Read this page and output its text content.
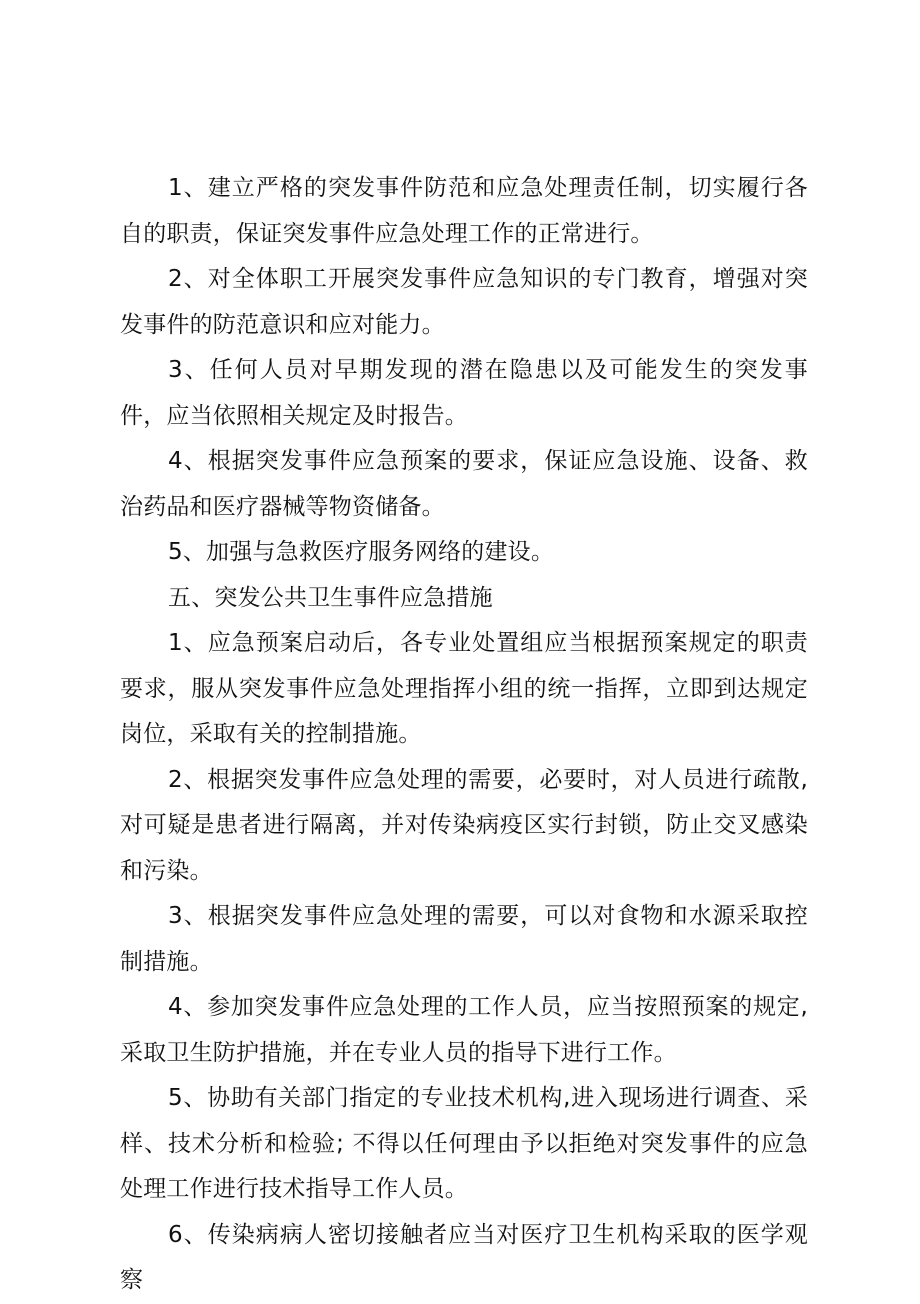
1、建立严格的突发事件防范和应急处理责任制，切实履行各自的职责，保证突发事件应急处理工作的正常进行。

2、对全体职工开展突发事件应急知识的专门教育，增强对突发事件的防范意识和应对能力。

3、任何人员对早期发现的潜在隐患以及可能发生的突发事件，应当依照相关规定及时报告。

4、根据突发事件应急预案的要求，保证应急设施、设备、救治药品和医疗器械等物资储备。

5、加强与急救医疗服务网络的建设。

五、突发公共卫生事件应急措施

1、应急预案启动后，各专业处置组应当根据预案规定的职责要求，服从突发事件应急处理指挥小组的统一指挥，立即到达规定岗位，采取有关的控制措施。

2、根据突发事件应急处理的需要，必要时，对人员进行疏散,对可疑是患者进行隔离，并对传染病疫区实行封锁，防止交叉感染和污染。

3、根据突发事件应急处理的需要，可以对食物和水源采取控制措施。

4、参加突发事件应急处理的工作人员，应当按照预案的规定,采取卫生防护措施，并在专业人员的指导下进行工作。

5、协助有关部门指定的专业技术机构,进入现场进行调查、采样、技术分析和检验; 不得以任何理由予以拒绝对突发事件的应急处理工作进行技术指导工作人员。

6、传染病病人密切接触者应当对医疗卫生机构采取的医学观察
